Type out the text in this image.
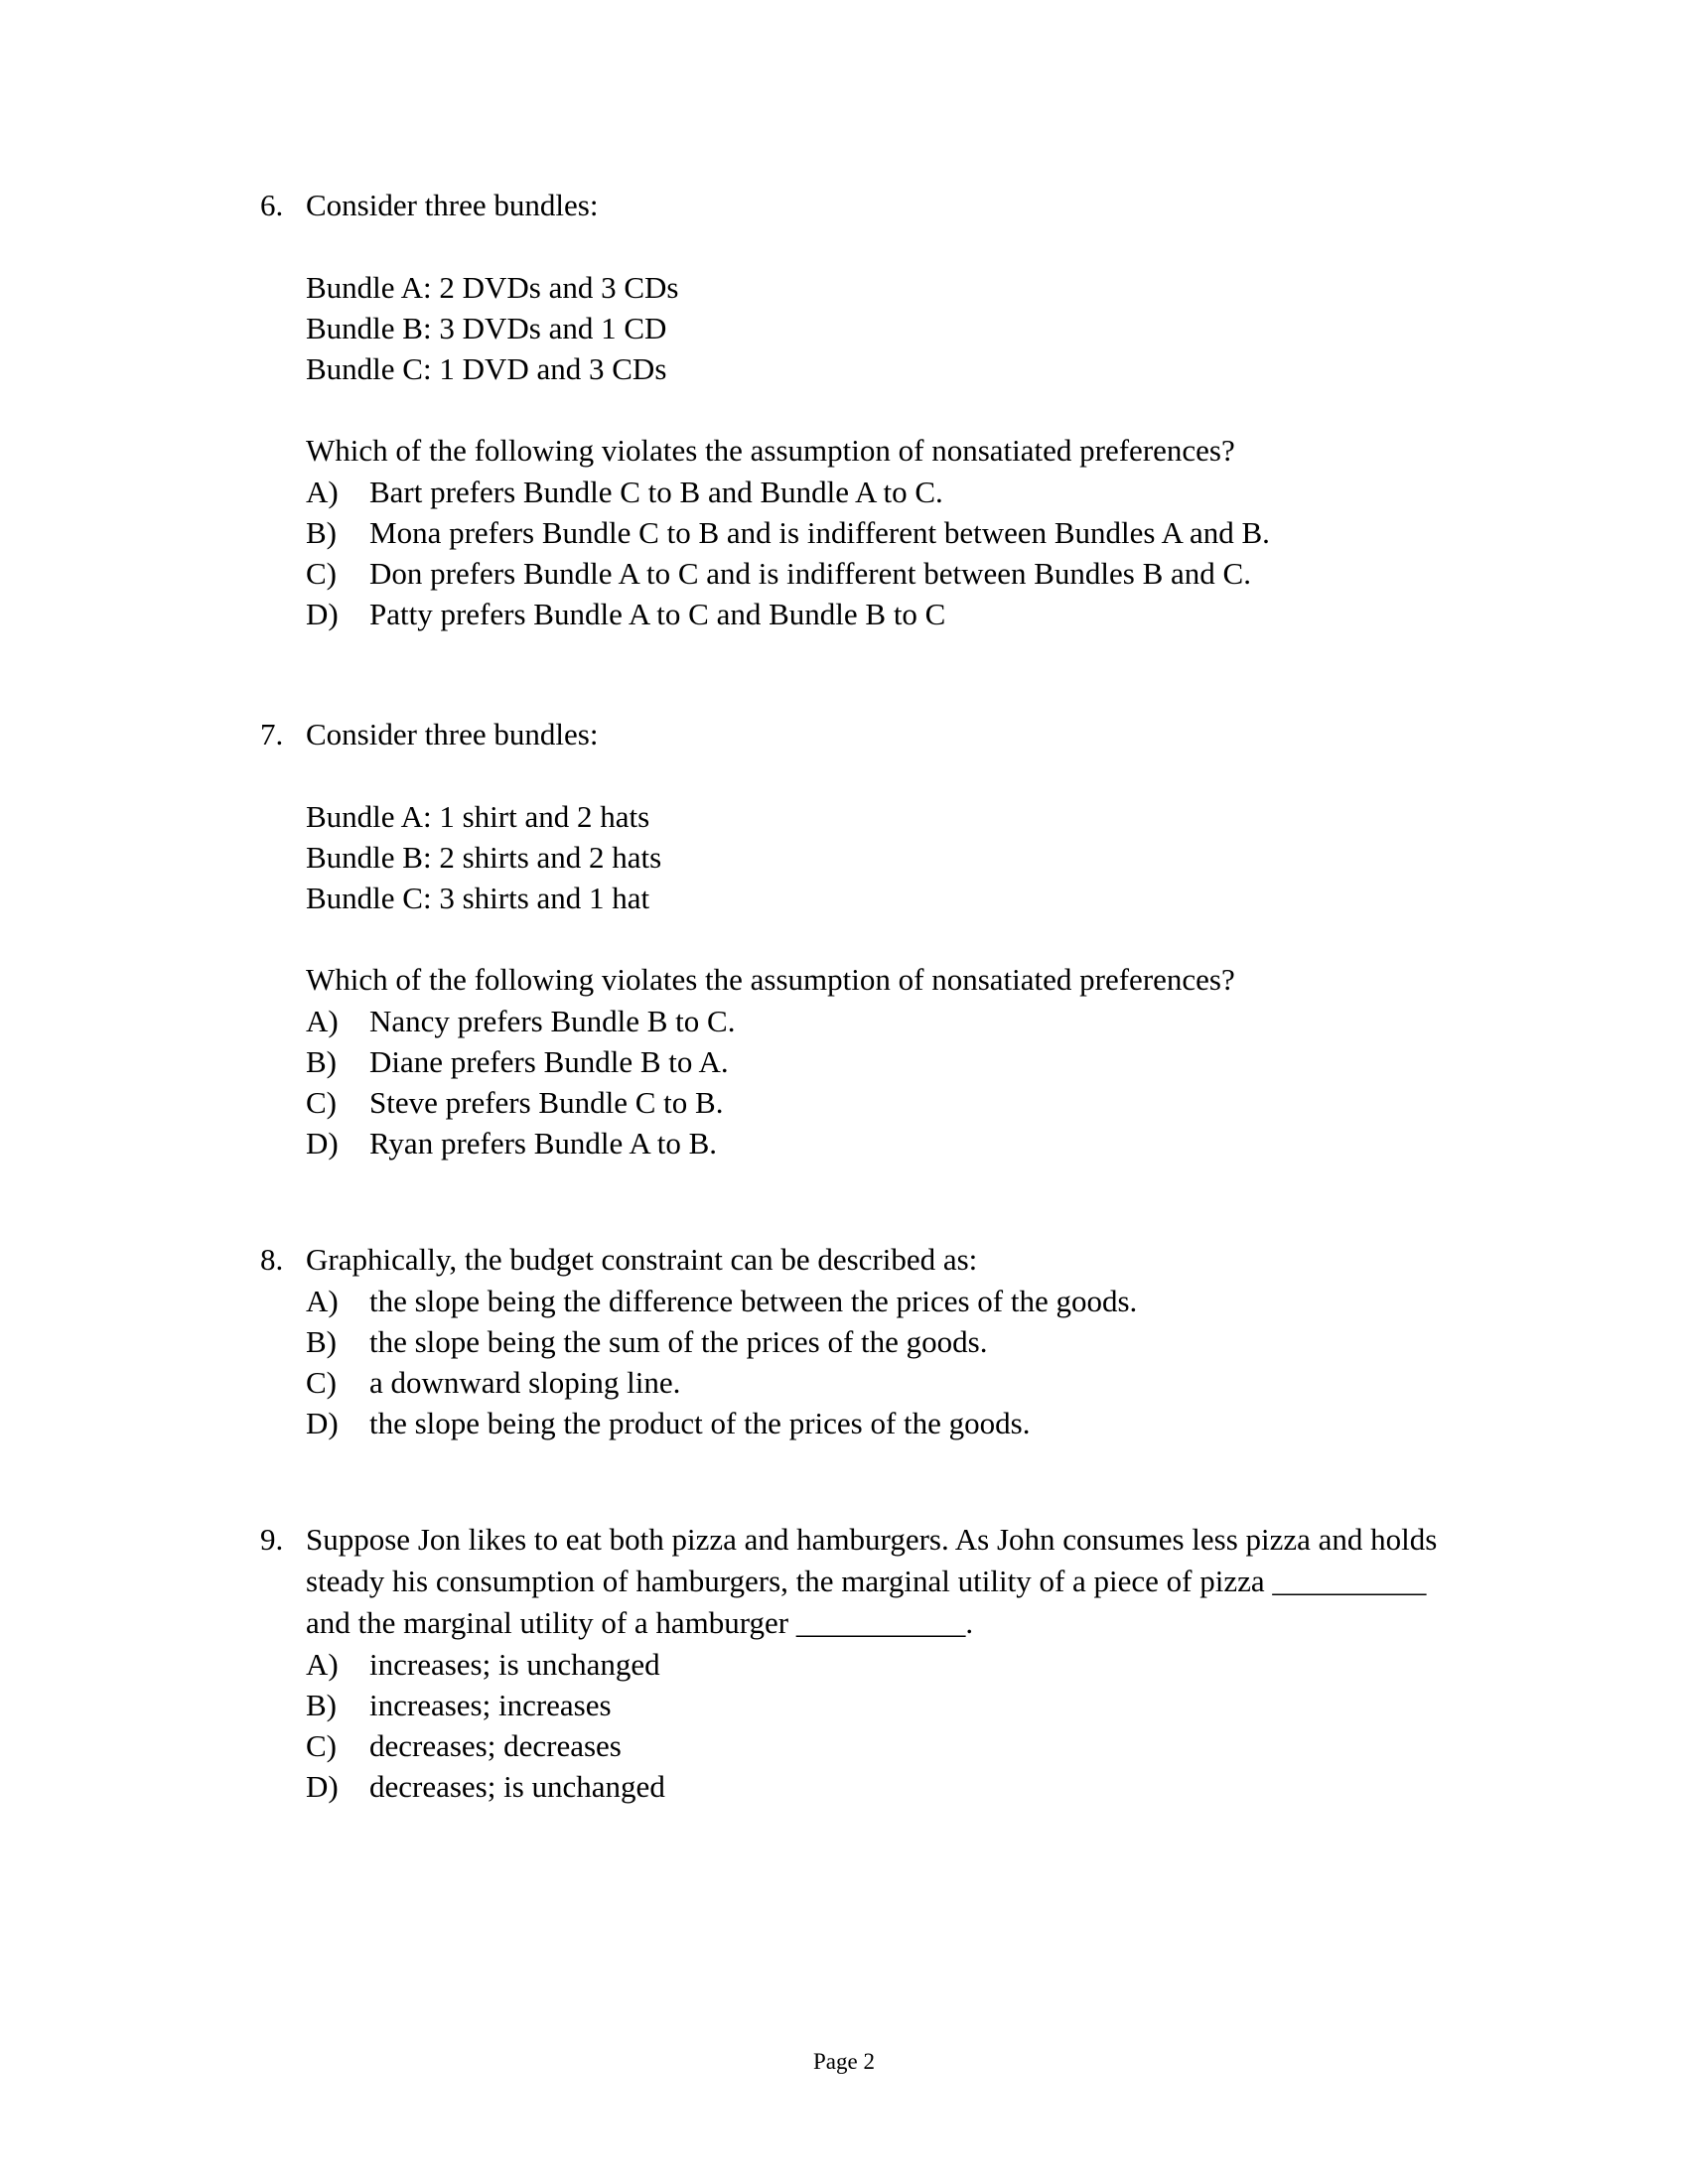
6. Consider three bundles:
Bundle A: 2 DVDs and 3 CDs
Bundle B: 3 DVDs and 1 CD
Bundle C: 1 DVD and 3 CDs
Which of the following violates the assumption of nonsatiated preferences?
A)	Bart prefers Bundle C to B and Bundle A to C.
B)	Mona prefers Bundle C to B and is indifferent between Bundles A and B.
C)	Don prefers Bundle A to C and is indifferent between Bundles B and C.
D)	Patty prefers Bundle A to C and Bundle B to C
7. Consider three bundles:
Bundle A: 1 shirt and 2 hats
Bundle B: 2 shirts and 2 hats
Bundle C: 3 shirts and 1 hat
Which of the following violates the assumption of nonsatiated preferences?
A)	Nancy prefers Bundle B to C.
B)	Diane prefers Bundle B to A.
C)	Steve prefers Bundle C to B.
D)	Ryan prefers Bundle A to B.
8. Graphically, the budget constraint can be described as:
A)	the slope being the difference between the prices of the goods.
B)	the slope being the sum of the prices of the goods.
C)	a downward sloping line.
D)	the slope being the product of the prices of the goods.
9. Suppose Jon likes to eat both pizza and hamburgers. As John consumes less pizza and holds steady his consumption of hamburgers, the marginal utility of a piece of pizza __________ and the marginal utility of a hamburger ___________.
A)	increases; is unchanged
B)	increases; increases
C)	decreases; decreases
D)	decreases; is unchanged
Page 2
